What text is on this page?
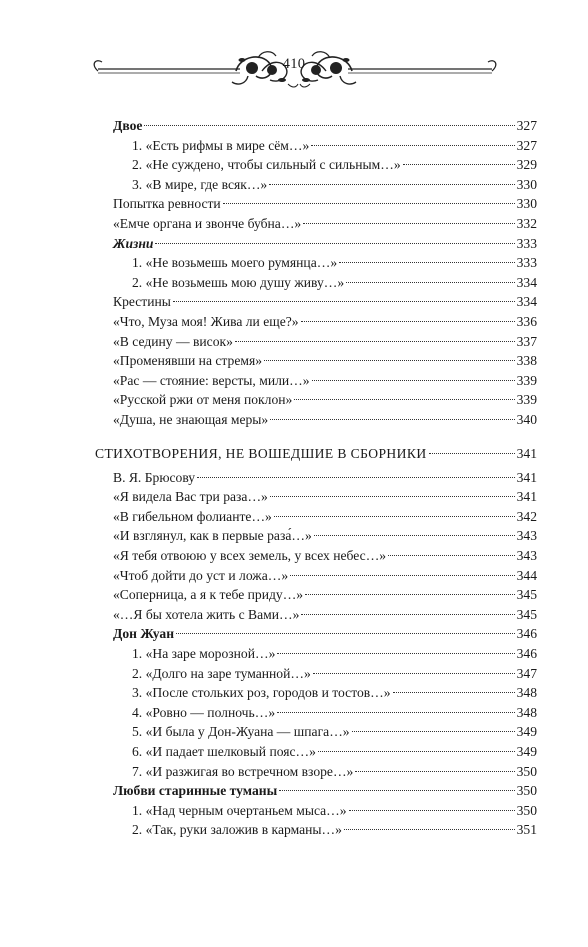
410
Двое	327
1. «Есть рифмы в мире сём…»	327
2. «Не суждено, чтобы сильный с сильным…»	329
3. «В мире, где всяк…»	330
Попытка ревности	330
«Емче органа и звонче бубна…»	332
Жизни	333
1. «Не возьмешь моего румянца…»	333
2. «Не возьмешь мою душу живу…»	334
Крестины	334
«Что, Муза моя! Жива ли еще?»	336
«В седину — висок»	337
«Променявши на стремя»	338
«Рас — стояние: версты, мили…»	339
«Русской ржи от меня поклон»	339
«Душа, не знающая меры»	340
СТИХОТВОРЕНИЯ, НЕ ВОШЕДШИЕ В СБОРНИКИ	341
В. Я. Брюсову	341
«Я видела Вас три раза…»	341
«В гибельном фолианте…»	342
«И взглянул, как в первые раза́…»	343
«Я тебя отвоюю у всех земель, у всех небес…»	343
«Чтоб дойти до уст и ложа…»	344
«Соперница, а я к тебе приду…»	345
«…Я бы хотела жить с Вами…»	345
Дон Жуан	346
1. «На заре морозной…»	346
2. «Долго на заре туманной…»	347
3. «После стольких роз, городов и тостов…»	348
4. «Ровно — полночь…»	348
5. «И была у Дон-Жуана — шпага…»	349
6. «И падает шелковый пояс…»	349
7. «И разжигая во встречном взоре…»	350
Любви старинные туманы	350
1. «Над черным очертаньем мыса…»	350
2. «Так, руки заложив в карманы…»	351
